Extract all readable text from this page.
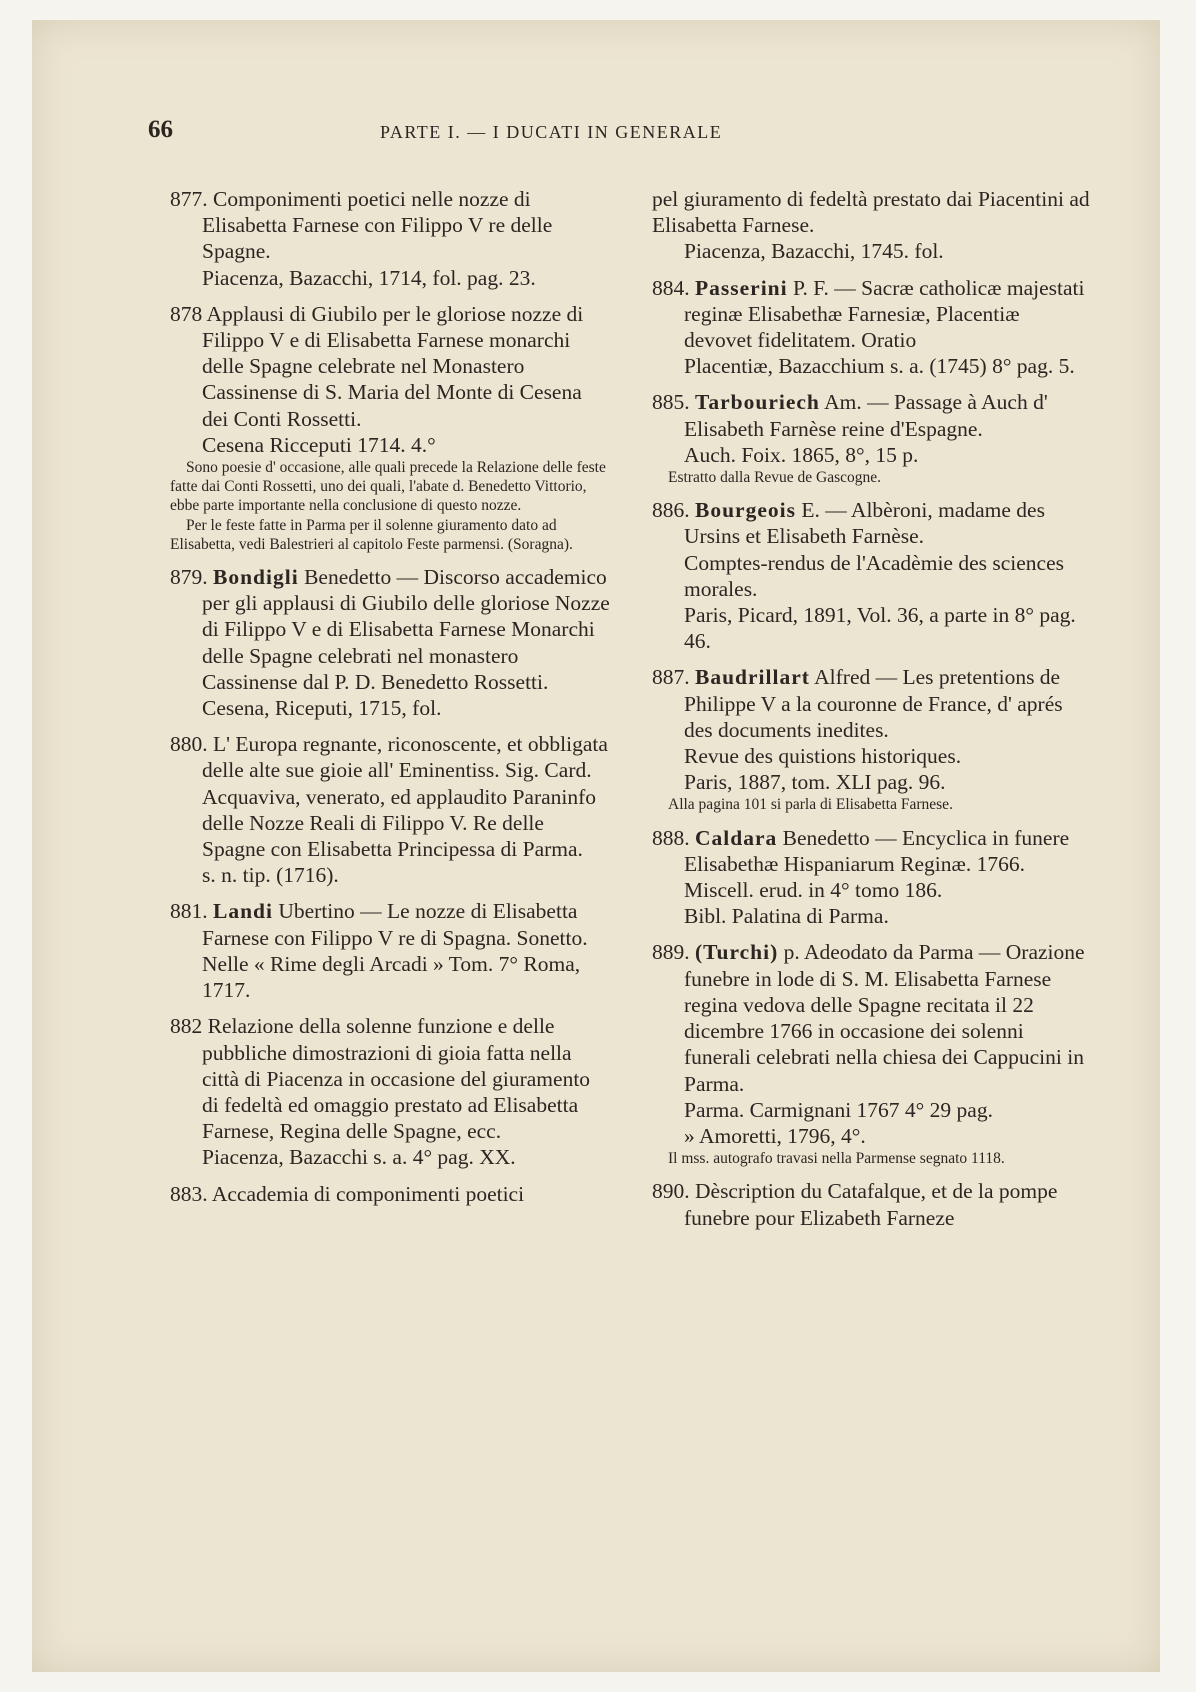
66	PARTE I. — I DUCATI IN GENERALE

877. Componimenti poetici nelle nozze di Elisabetta Farnese con Filippo V re delle Spagne.

Piacenza, Bazacchi, 1714, fol. pag. 23.

878 Applausi di Giubilo per le gloriose nozze di Filippo V e di Elisabetta Farnese monarchi delle Spagne celebrate nel Monastero Cassinense di S. Maria del Monte di Cesena dei Conti Rossetti.

Cesena Ricceputi 1714. 4.°

Sono poesie d' occasione, alle quali precede la Relazione delle feste fatte dai Conti Rossetti, uno dei quali, l'abate d. Benedetto Vittorio, ebbe parte importante nella conclusione di questo nozze.

Per le feste fatte in Parma per il solenne giuramento dato ad Elisabetta, vedi Balestrieri al capitolo Feste parmensi. (Soragna).

879. Bondigli Benedetto — Discorso accademico per gli applausi di Giubilo delle gloriose Nozze di Filippo V e di Elisabetta Farnese Monarchi delle Spagne celebrati nel monastero Cassinense dal P. D. Benedetto Rossetti.

Cesena, Riceputi, 1715, fol.

880. L' Europa regnante, riconoscente, et obbligata delle alte sue gioie all' Eminentiss. Sig. Card. Acquaviva, venerato, ed applaudito Paraninfo delle Nozze Reali di Filippo V. Re delle Spagne con Elisabetta Principessa di Parma.

s. n. tip. (1716).

881. Landi Ubertino — Le nozze di Elisabetta Farnese con Filippo V re di Spagna. Sonetto.

Nelle « Rime degli Arcadi » Tom. 7° Roma, 1717.

882 Relazione della solenne funzione e delle pubbliche dimostrazioni di gioia fatta nella città di Piacenza in occasione del giuramento di fedeltà ed omaggio prestato ad Elisabetta Farnese, Regina delle Spagne, ecc.

Piacenza, Bazacchi s. a. 4° pag. XX.

883. Accademia di componimenti poetici

pel giuramento di fedeltà prestato dai Piacentini ad Elisabetta Farnese.

Piacenza, Bazacchi, 1745. fol.

884. Passerini P. F. — Sacræ catholicæ majestati reginæ Elisabethæ Farnesiæ, Placentiæ devovet fidelitatem. Oratio

Placentiæ, Bazacchium s. a. (1745) 8° pag. 5.

885. Tarbouriech Am. — Passage à Auch d' Elisabeth Farnèse reine d'Espagne.

Auch. Foix. 1865, 8°, 15 p.

Estratto dalla Revue de Gascogne.

886. Bourgeois E. — Albèroni, madame des Ursins et Elisabeth Farnèse.

Comptes-rendus de l'Acadèmie des sciences morales.

Paris, Picard, 1891, Vol. 36, a parte in 8° pag. 46.

887. Baudrillart Alfred — Les pretentions de Philippe V a la couronne de France, d' aprés des documents inedites.

Revue des quistions historiques.

Paris, 1887, tom. XLI pag. 96.

Alla pagina 101 si parla di Elisabetta Farnese.

888. Caldara Benedetto — Encyclica in funere Elisabethæ Hispaniarum Reginæ. 1766.

Miscell. erud. in 4° tomo 186.

Bibl. Palatina di Parma.

889. (Turchi) p. Adeodato da Parma — Orazione funebre in lode di S. M. Elisabetta Farnese regina vedova delle Spagne recitata il 22 dicembre 1766 in occasione dei solenni funerali celebrati nella chiesa dei Cappucini in Parma.

Parma. Carmignani 1767 4° 29 pag.

» Amoretti, 1796, 4°.

Il mss. autografo travasi nella Parmense segnato 1118.

890. Dèscription du Catafalque, et de la pompe funebre pour Elizabeth Farneze
